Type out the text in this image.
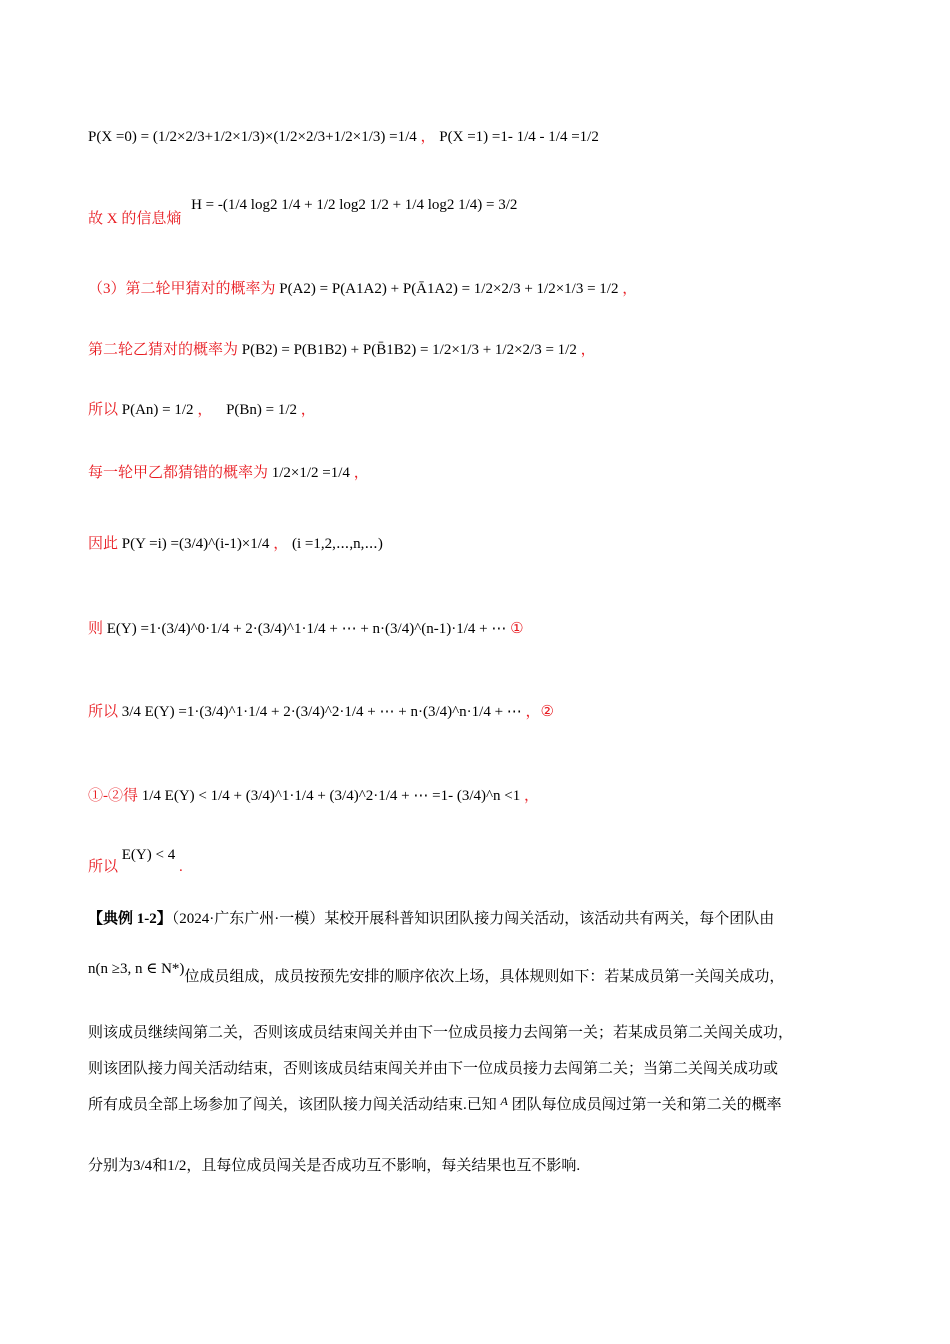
P(X =0) = (1/2×2/3+1/2×1/3)×(1/2×2/3+1/2×1/3) =1/4 ， P(X =1) =1- 1/4 - 1/4 =1/2
故 X 的信息熵 H = -(1/4 log2 1/4 + 1/2 log2 1/2 + 1/4 log2 1/4) = 3/2
（3）第二轮甲猜对的概率为 P(A2) = P(A1A2) + P(Ā1A2) = 1/2×2/3 + 1/2×1/3 = 1/2 ，
第二轮乙猜对的概率为 P(B2) = P(B1B2) + P(B̄1B2) = 1/2×1/3 + 1/2×2/3 = 1/2 ，
所以 P(An) = 1/2 ， P(Bn) = 1/2 ，
每一轮甲乙都猜错的概率为 1/2×1/2 =1/4 ，
因此 P(Y =i) =(3/4)^(i-1)×1/4 ， (i =1,2,⋯,n,⋯)
则 E(Y) =1·(3/4)^0·1/4 + 2·(3/4)^1·1/4 + ⋯ + n·(3/4)^(n-1)·1/4 + ⋯ ①
所以 3/4 E(Y) =1·(3/4)^1·1/4 + 2·(3/4)^2·1/4 + ⋯ + n·(3/4)^n·1/4 + ⋯ ，②
①-②得 1/4 E(Y) < 1/4 + (3/4)^1·1/4 + (3/4)^2·1/4 + ⋯ =1- (3/4)^n <1 ，
所以 E(Y) < 4 .
【典例 1-2】（2024·广东广州·一模）某校开展科普知识团队接力闯关活动，该活动共有两关，每个团队由
n(n ≥3, n ∈ N*)位成员组成，成员按预先安排的顺序依次上场，具体规则如下：若某成员第一关闯关成功，
则该成员继续闯第二关，否则该成员结束闯关并由下一位成员接力去闯第一关；若某成员第二关闯关成功，
则该团队接力闯关活动结束，否则该成员结束闯关并由下一位成员接力去闯第二关；当第二关闯关成功或
所有成员全部上场参加了闯关，该团队接力闯关活动结束.已知 $^A$ 团队每位成员闯过第一关和第二关的概率
分别为3/4和1/2，且每位成员闯关是否成功互不影响，每关结果也互不影响.
